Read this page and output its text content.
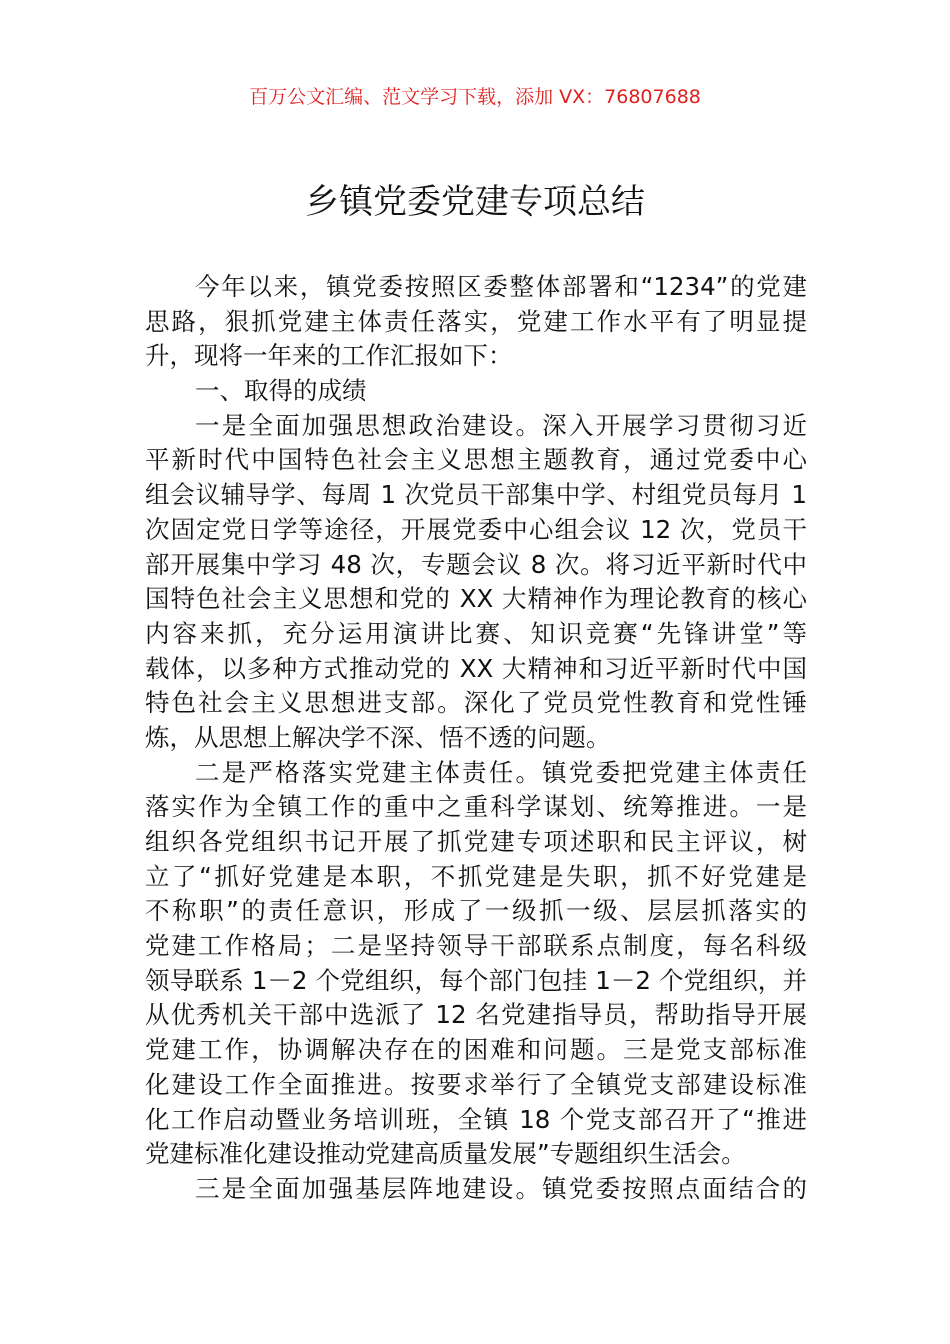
百万公文汇编、范文学习下载，添加 VX：76807688
乡镇党委党建专项总结
今年以来，镇党委按照区委整体部署和“1234”的党建
思路，狠抓党建主体责任落实，党建工作水平有了明显提
升，现将一年来的工作汇报如下：
一、取得的成绩
一是全面加强思想政治建设。深入开展学习贯彻习近
平新时代中国特色社会主义思想主题教育，通过党委中心
组会议辅导学、每周 1 次党员干部集中学、村组党员每月 1
次固定党日学等途径，开展党委中心组会议 12 次，党员干
部开展集中学习 48 次，专题会议 8 次。将习近平新时代中
国特色社会主义思想和党的 XX 大精神作为理论教育的核心
内容来抓，充分运用演讲比赛、知识竞赛“先锋讲堂”等
载体，以多种方式推动党的 XX 大精神和习近平新时代中国
特色社会主义思想进支部。深化了党员党性教育和党性锤
炼，从思想上解决学不深、悟不透的问题。
二是严格落实党建主体责任。镇党委把党建主体责任
落实作为全镇工作的重中之重科学谋划、统筹推进。一是
组织各党组织书记开展了抓党建专项述职和民主评议，树
立了“抓好党建是本职，不抓党建是失职，抓不好党建是
不称职”的责任意识，形成了一级抓一级、层层抓落实的
党建工作格局；二是坚持领导干部联系点制度，每名科级
领导联系 1－2 个党组织，每个部门包挂 1－2 个党组织，并
从优秀机关干部中选派了 12 名党建指导员，帮助指导开展
党建工作，协调解决存在的困难和问题。三是党支部标准
化建设工作全面推进。按要求举行了全镇党支部建设标准
化工作启动暨业务培训班，全镇 18 个党支部召开了“推进
党建标准化建设推动党建高质量发展”专题组织生活会。
三是全面加强基层阵地建设。镇党委按照点面结合的
